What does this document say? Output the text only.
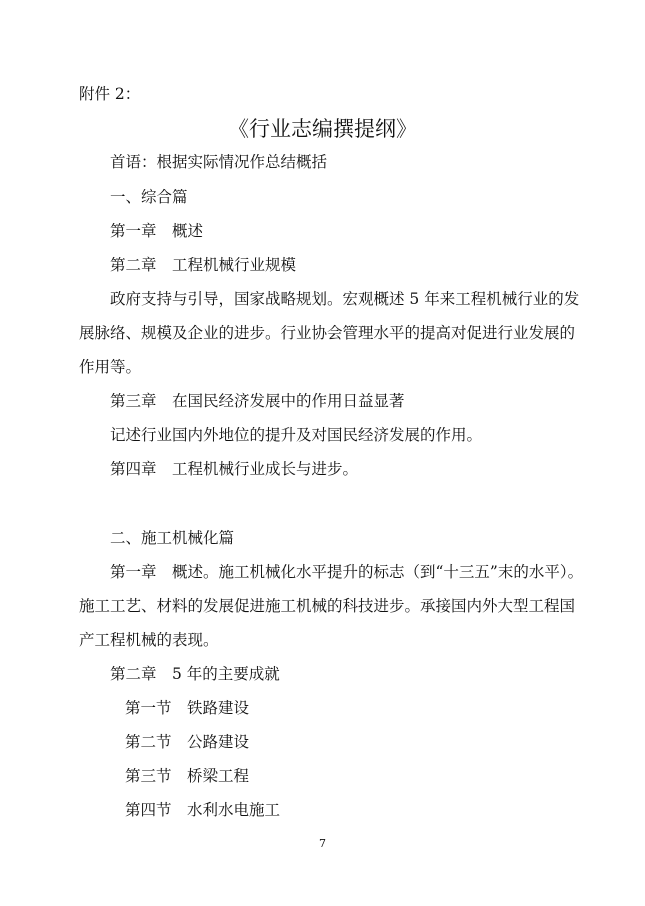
附件 2：
《行业志编撰提纲》
首语：根据实际情况作总结概括
一、综合篇
第一章　概述
第二章　工程机械行业规模
政府支持与引导，国家战略规划。宏观概述 5 年来工程机械行业的发
展脉络、规模及企业的进步。行业协会管理水平的提高对促进行业发展的
作用等。
第三章　在国民经济发展中的作用日益显著
记述行业国内外地位的提升及对国民经济发展的作用。
第四章　工程机械行业成长与进步。
二、施工机械化篇
第一章　概述。施工机械化水平提升的标志（到“十三五”末的水平）。
施工工艺、材料的发展促进施工机械的科技进步。承接国内外大型工程国
产工程机械的表现。
第二章　5 年的主要成就
第一节　铁路建设
第二节　公路建设
第三节　桥梁工程
第四节　水利水电施工
7
